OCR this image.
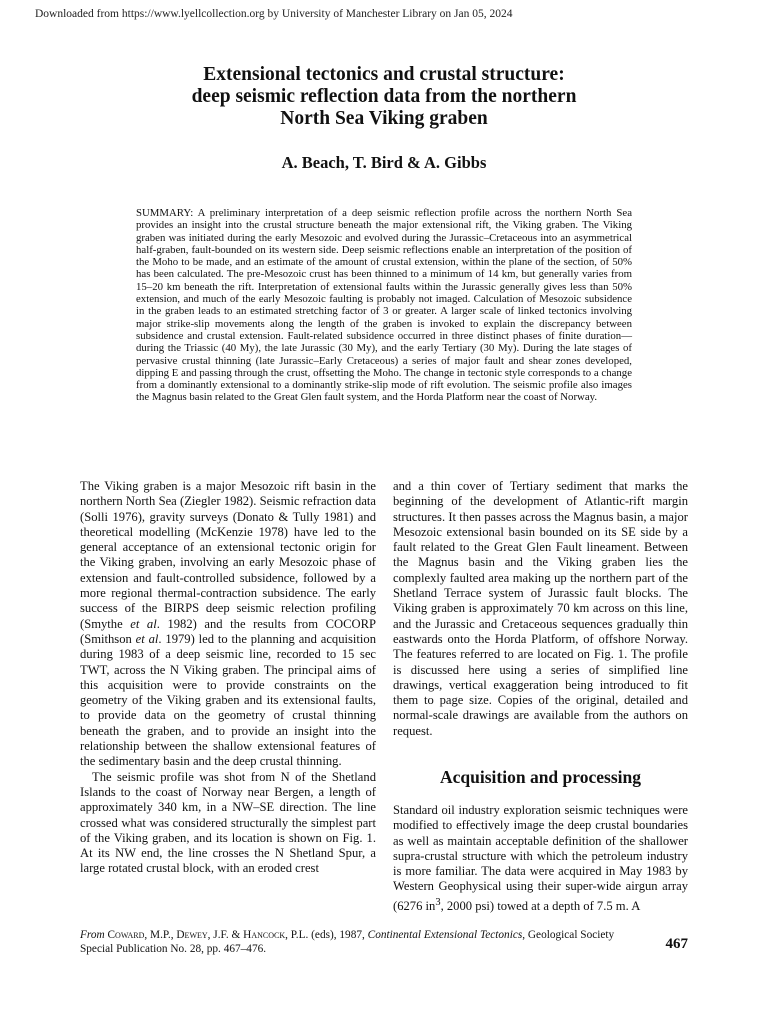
Downloaded from https://www.lyellcollection.org by University of Manchester Library on Jan 05, 2024
Extensional tectonics and crustal structure:
deep seismic reflection data from the northern
North Sea Viking graben
A. Beach, T. Bird & A. Gibbs
SUMMARY: A preliminary interpretation of a deep seismic reflection profile across the northern North Sea provides an insight into the crustal structure beneath the major extensional rift, the Viking graben. The Viking graben was initiated during the early Mesozoic and evolved during the Jurassic–Cretaceous into an asymmetrical half-graben, fault-bounded on its western side. Deep seismic reflections enable an interpretation of the position of the Moho to be made, and an estimate of the amount of crustal extension, within the plane of the section, of 50% has been calculated. The pre-Mesozoic crust has been thinned to a minimum of 14 km, but generally varies from 15–20 km beneath the rift. Interpretation of extensional faults within the Jurassic generally gives less than 50% extension, and much of the early Mesozoic faulting is probably not imaged. Calculation of Mesozoic subsidence in the graben leads to an estimated stretching factor of 3 or greater. A larger scale of linked tectonics involving major strike-slip movements along the length of the graben is invoked to explain the discrepancy between subsidence and crustal extension. Fault-related subsidence occurred in three distinct phases of finite duration—during the Triassic (40 My), the late Jurassic (30 My), and the early Tertiary (30 My). During the late stages of pervasive crustal thinning (late Jurassic–Early Cretaceous) a series of major fault and shear zones developed, dipping E and passing through the crust, offsetting the Moho. The change in tectonic style corresponds to a change from a dominantly extensional to a dominantly strike-slip mode of rift evolution. The seismic profile also images the Magnus basin related to the Great Glen fault system, and the Horda Platform near the coast of Norway.

The Viking graben is a major Mesozoic rift basin in the northern North Sea (Ziegler 1982). Seismic refraction data (Solli 1976), gravity surveys (Donato & Tully 1981) and theoretical modelling (McKenzie 1978) have led to the general acceptance of an extensional tectonic origin for the Viking graben, involving an early Mesozoic phase of extension and fault-controlled subsidence, followed by a more regional thermal-contraction subsidence. The early success of the BIRPS deep seismic relection profiling (Smythe et al. 1982) and the results from COCORP (Smithson et al. 1979) led to the planning and acquisition during 1983 of a deep seismic line, recorded to 15 sec TWT, across the N Viking graben. The principal aims of this acquisition were to provide constraints on the geometry of the Viking graben and its extensional faults, to provide data on the geometry of crustal thinning beneath the graben, and to provide an insight into the relationship between the shallow extensional features of the sedimentary basin and the deep crustal thinning.

The seismic profile was shot from N of the Shetland Islands to the coast of Norway near Bergen, a length of approximately 340 km, in a NW–SE direction. The line crossed what was considered structurally the simplest part of the Viking graben, and its location is shown on Fig. 1. At its NW end, the line crosses the N Shetland Spur, a large rotated crustal block, with an eroded crest

and a thin cover of Tertiary sediment that marks the beginning of the development of Atlantic-rift margin structures. It then passes across the Magnus basin, a major Mesozoic extensional basin bounded on its SE side by a fault related to the Great Glen Fault lineament. Between the Magnus basin and the Viking graben lies the complexly faulted area making up the northern part of the Shetland Terrace system of Jurassic fault blocks. The Viking graben is approximately 70 km across on this line, and the Jurassic and Cretaceous sequences gradually thin eastwards onto the Horda Platform, of offshore Norway. The features referred to are located on Fig. 1. The profile is discussed here using a series of simplified line drawings, vertical exaggeration being introduced to fit them to page size. Copies of the original, detailed and normal-scale drawings are available from the authors on request.

Acquisition and processing

Standard oil industry exploration seismic techniques were modified to effectively image the deep crustal boundaries as well as maintain acceptable definition of the shallower supra-crustal structure with which the petroleum industry is more familiar. The data were acquired in May 1983 by Western Geophysical using their super-wide airgun array (6276 $in^3$, 2000 psi) towed at a depth of 7.5 m. A

From Coward, M.P., Dewey, J.F. & Hancock, P.L. (eds), 1987, Continental Extensional Tectonics, Geological Society Special Publication No. 28, pp. 467–476.	467
